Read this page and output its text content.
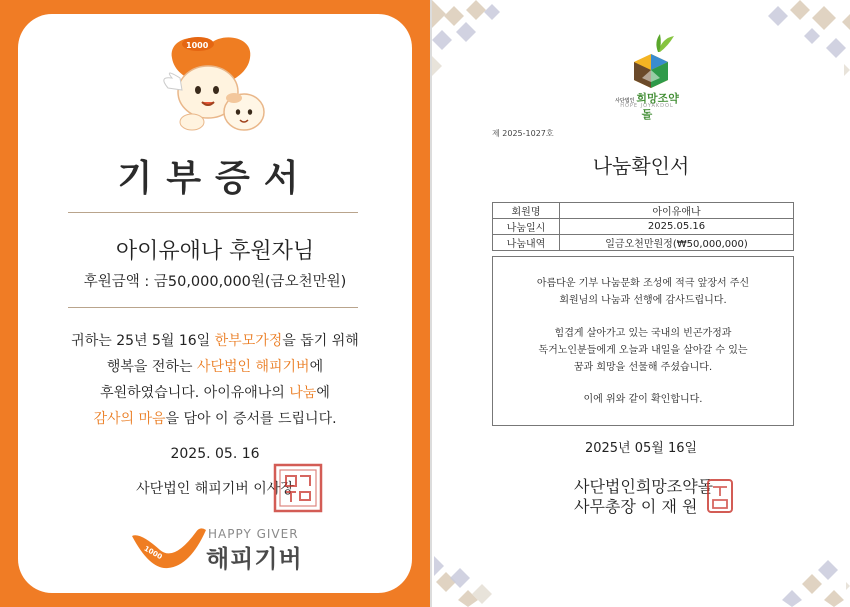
1000
기부증서
아이유애나 후원자님
후원금액 : 금50,000,000원(금오천만원)
귀하는 25년 5월 16일 한부모가정을 돕기 위해
행복을 전하는 사단법인 해피기버에
후원하였습니다. 아이유애나의 나눔에
감사의 마음을 담아 이 증서를 드립니다.
2025. 05. 16
사단법인 해피기버 이사장
1000
HAPPY GIVER
해피기버
사단법인 희망조약돌
HOPE JOYAKDOL
제 2025-1027호
나눔확인서
회원명	아이유애나
나눔일시	2025.05.16
나눔내역	일금오천만원정(₩50,000,000)
아름다운 기부 나눔문화 조성에 적극 앞장서 주신
회원님의 나눔과 선행에 감사드립니다.
힘겹게 살아가고 있는 국내의 빈곤가정과
독거노인분들에게 오늘과 내일을 살아갈 수 있는
꿈과 희망을 선물해 주셨습니다.
이에 위와 같이 확인합니다.
2025년 05월 16일
사단법인희망조약돌
사무총장 이 재 원
